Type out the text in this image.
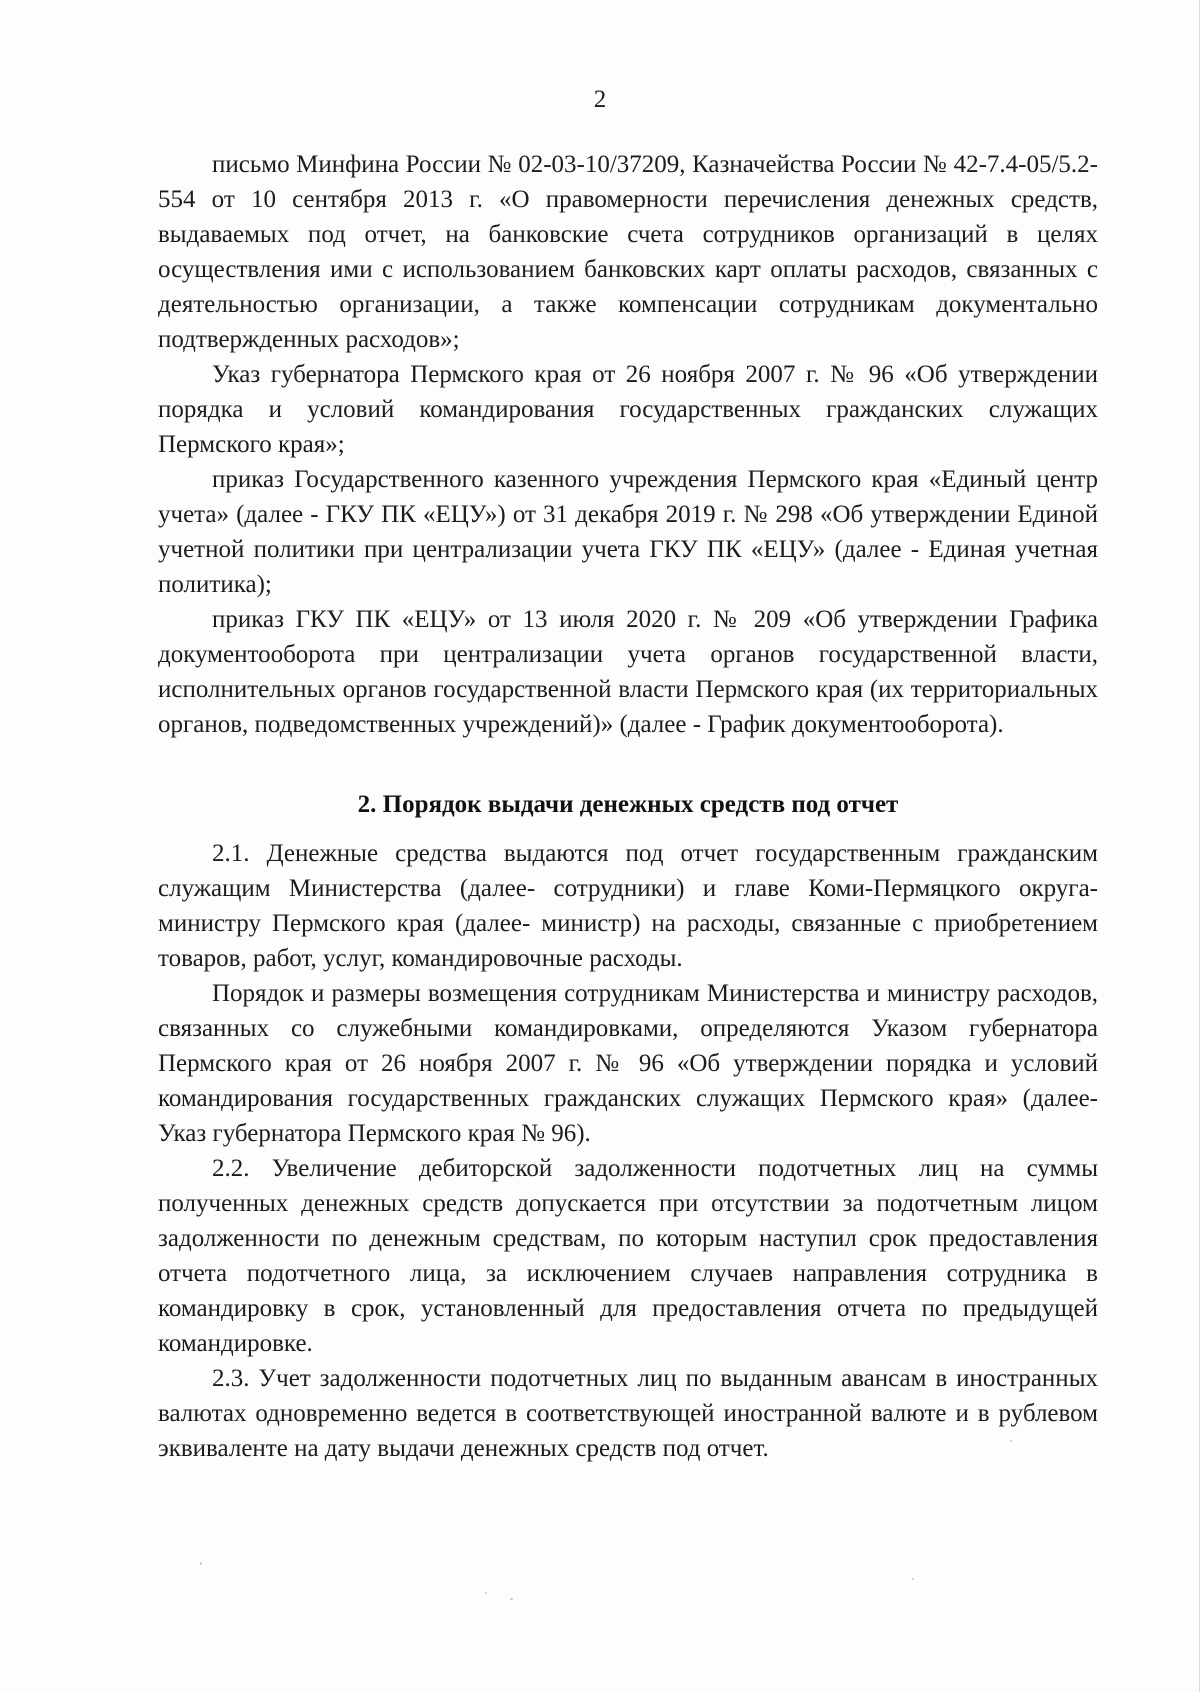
2

письмо Минфина России № 02-03-10/37209, Казначейства России № 42-7.4-05/5.2-554 от 10 сентября 2013 г. «О правомерности перечисления денежных средств, выдаваемых под отчет, на банковские счета сотрудников организаций в целях осуществления ими с использованием банковских карт оплаты расходов, связанных с деятельностью организации, а также компенсации сотрудникам документально подтвержденных расходов»;

Указ губернатора Пермского края от 26 ноября 2007 г. № 96 «Об утверждении порядка и условий командирования государственных гражданских служащих Пермского края»;

приказ Государственного казенного учреждения Пермского края «Единый центр учета» (далее - ГКУ ПК «ЕЦУ») от 31 декабря 2019 г. № 298 «Об утверждении Единой учетной политики при централизации учета ГКУ ПК «ЕЦУ» (далее - Единая учетная политика);

приказ ГКУ ПК «ЕЦУ» от 13 июля 2020 г. № 209 «Об утверждении Графика документооборота при централизации учета органов государственной власти, исполнительных органов государственной власти Пермского края (их территориальных органов, подведомственных учреждений)» (далее - График документооборота).

2. Порядок выдачи денежных средств под отчет

2.1. Денежные средства выдаются под отчет государственным гражданским служащим Министерства (далее- сотрудники) и главе Коми-Пермяцкого округа-министру Пермского края (далее- министр) на расходы, связанные с приобретением товаров, работ, услуг, командировочные расходы.

Порядок и размеры возмещения сотрудникам Министерства и министру расходов, связанных со служебными командировками, определяются Указом губернатора Пермского края от 26 ноября 2007 г. № 96 «Об утверждении порядка и условий командирования государственных гражданских служащих Пермского края» (далее- Указ губернатора Пермского края № 96).

2.2. Увеличение дебиторской задолженности подотчетных лиц на суммы полученных денежных средств допускается при отсутствии за подотчетным лицом задолженности по денежным средствам, по которым наступил срок предоставления отчета подотчетного лица, за исключением случаев направления сотрудника в командировку в срок, установленный для предоставления отчета по предыдущей командировке.

2.3. Учет задолженности подотчетных лиц по выданным авансам в иностранных валютах одновременно ведется в соответствующей иностранной валюте и в рублевом эквиваленте на дату выдачи денежных средств под отчет.
